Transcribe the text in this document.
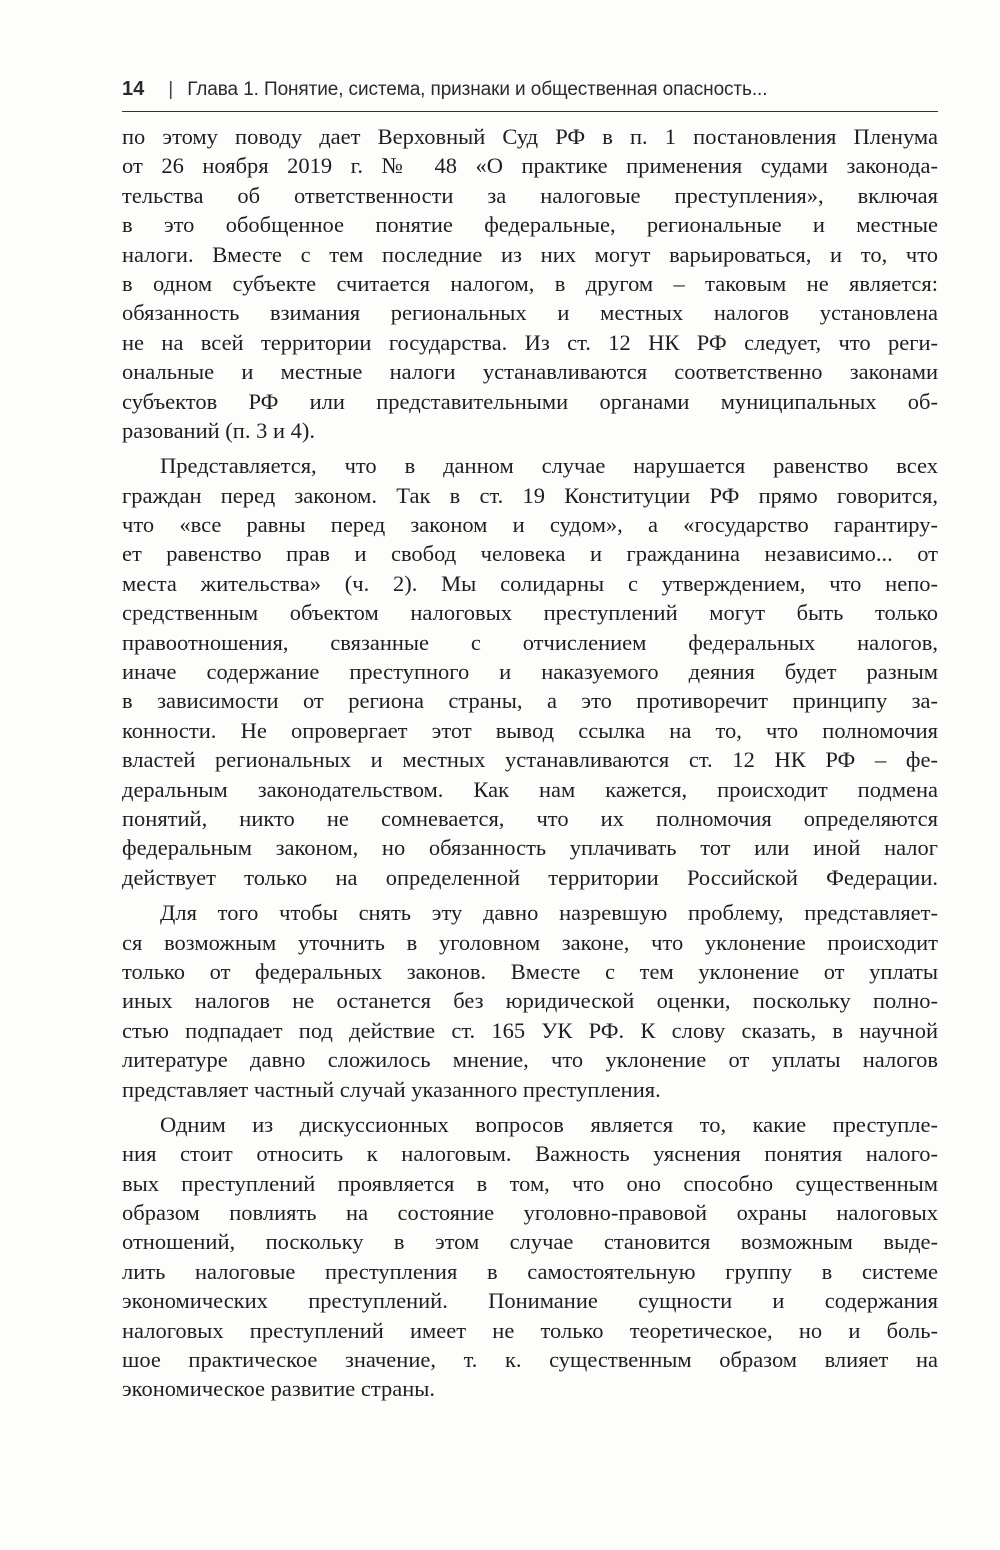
14 | Глава 1. Понятие, система, признаки и общественная опасность...
по этому поводу дает Верховный Суд РФ в п. 1 постановления Пленума
от 26 ноября 2019 г. № 48 «О практике применения судами законода-
тельства об ответственности за налоговые преступления», включая
в это обобщенное понятие федеральные, региональные и местные
налоги. Вместе с тем последние из них могут варьироваться, и то, что
в одном субъекте считается налогом, в другом – таковым не является:
обязанность взимания региональных и местных налогов установлена
не на всей территории государства. Из ст. 12 НК РФ следует, что реги-
ональные и местные налоги устанавливаются соответственно законами
субъектов РФ или представительными органами муниципальных об-
разований (п. 3 и 4).
Представляется, что в данном случае нарушается равенство всех
граждан перед законом. Так в ст. 19 Конституции РФ прямо говорится,
что «все равны перед законом и судом», а «государство гарантиру-
ет равенство прав и свобод человека и гражданина независимо... от
места жительства» (ч. 2). Мы солидарны с утверждением, что непо-
средственным объектом налоговых преступлений могут быть только
правоотношения, связанные с отчислением федеральных налогов,
иначе содержание преступного и наказуемого деяния будет разным
в зависимости от региона страны, а это противоречит принципу за-
конности. Не опровергает этот вывод ссылка на то, что полномочия
властей региональных и местных устанавливаются ст. 12 НК РФ – фе-
деральным законодательством. Как нам кажется, происходит подмена
понятий, никто не сомневается, что их полномочия определяются
федеральным законом, но обязанность уплачивать тот или иной налог
действует только на определенной территории Российской Федерации.
Для того чтобы снять эту давно назревшую проблему, представляет-
ся возможным уточнить в уголовном законе, что уклонение происходит
только от федеральных законов. Вместе с тем уклонение от уплаты
иных налогов не останется без юридической оценки, поскольку полно-
стью подпадает под действие ст. 165 УК РФ. К слову сказать, в научной
литературе давно сложилось мнение, что уклонение от уплаты налогов
представляет частный случай указанного преступления.
Одним из дискуссионных вопросов является то, какие преступле-
ния стоит относить к налоговым. Важность уяснения понятия налого-
вых преступлений проявляется в том, что оно способно существенным
образом повлиять на состояние уголовно-правовой охраны налоговых
отношений, поскольку в этом случае становится возможным выде-
лить налоговые преступления в самостоятельную группу в системе
экономических преступлений. Понимание сущности и содержания
налоговых преступлений имеет не только теоретическое, но и боль-
шое практическое значение, т. к. существенным образом влияет на
экономическое развитие страны.
